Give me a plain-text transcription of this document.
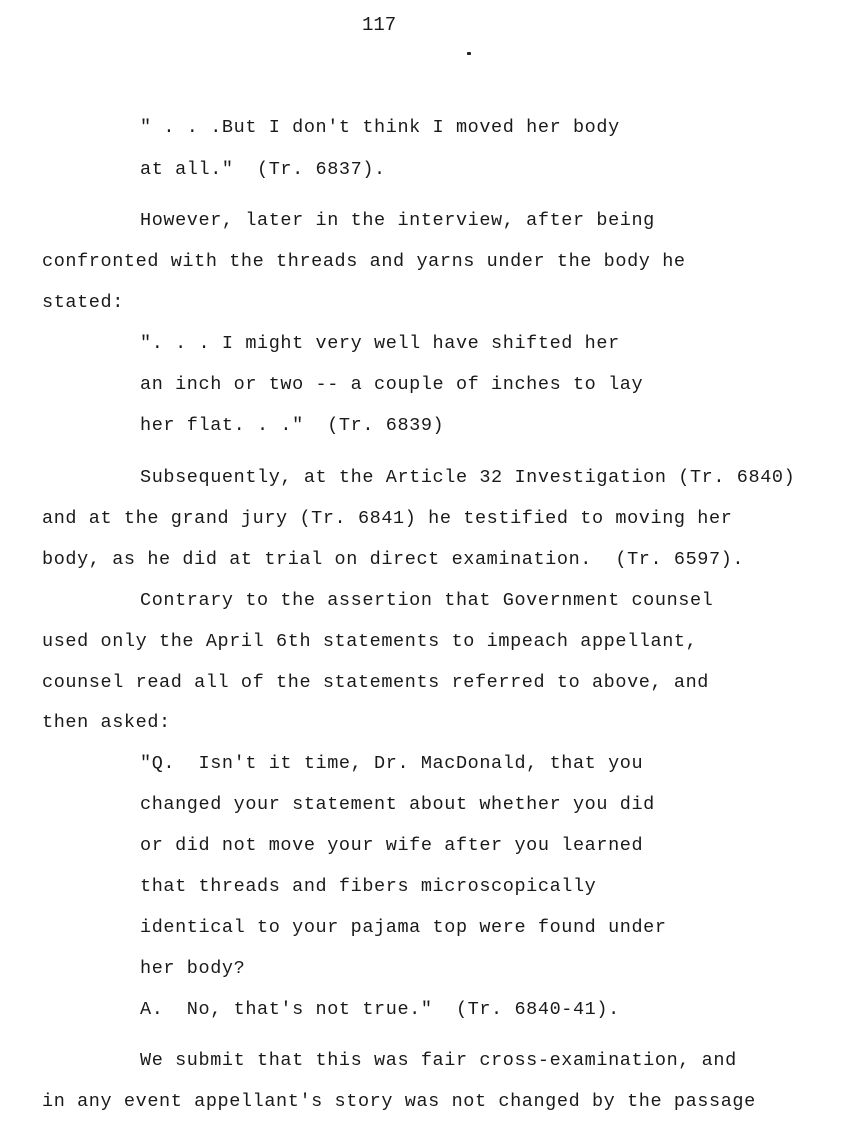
117
" . . .But I don't think I moved her body
at all."  (Tr. 6837).
However, later in the interview, after being
confronted with the threads and yarns under the body he
stated:
". . . I might very well have shifted her
an inch or two -- a couple of inches to lay
her flat. . ."  (Tr. 6839)
Subsequently, at the Article 32 Investigation (Tr. 6840)
and at the grand jury (Tr. 6841) he testified to moving her
body, as he did at trial on direct examination.  (Tr. 6597).
Contrary to the assertion that Government counsel
used only the April 6th statements to impeach appellant,
counsel read all of the statements referred to above, and
then asked:
"Q.  Isn't it time, Dr. MacDonald, that you
changed your statement about whether you did
or did not move your wife after you learned
that threads and fibers microscopically
identical to your pajama top were found under
her body?
A.  No, that's not true."  (Tr. 6840-41).
We submit that this was fair cross-examination, and
in any event appellant's story was not changed by the passage
